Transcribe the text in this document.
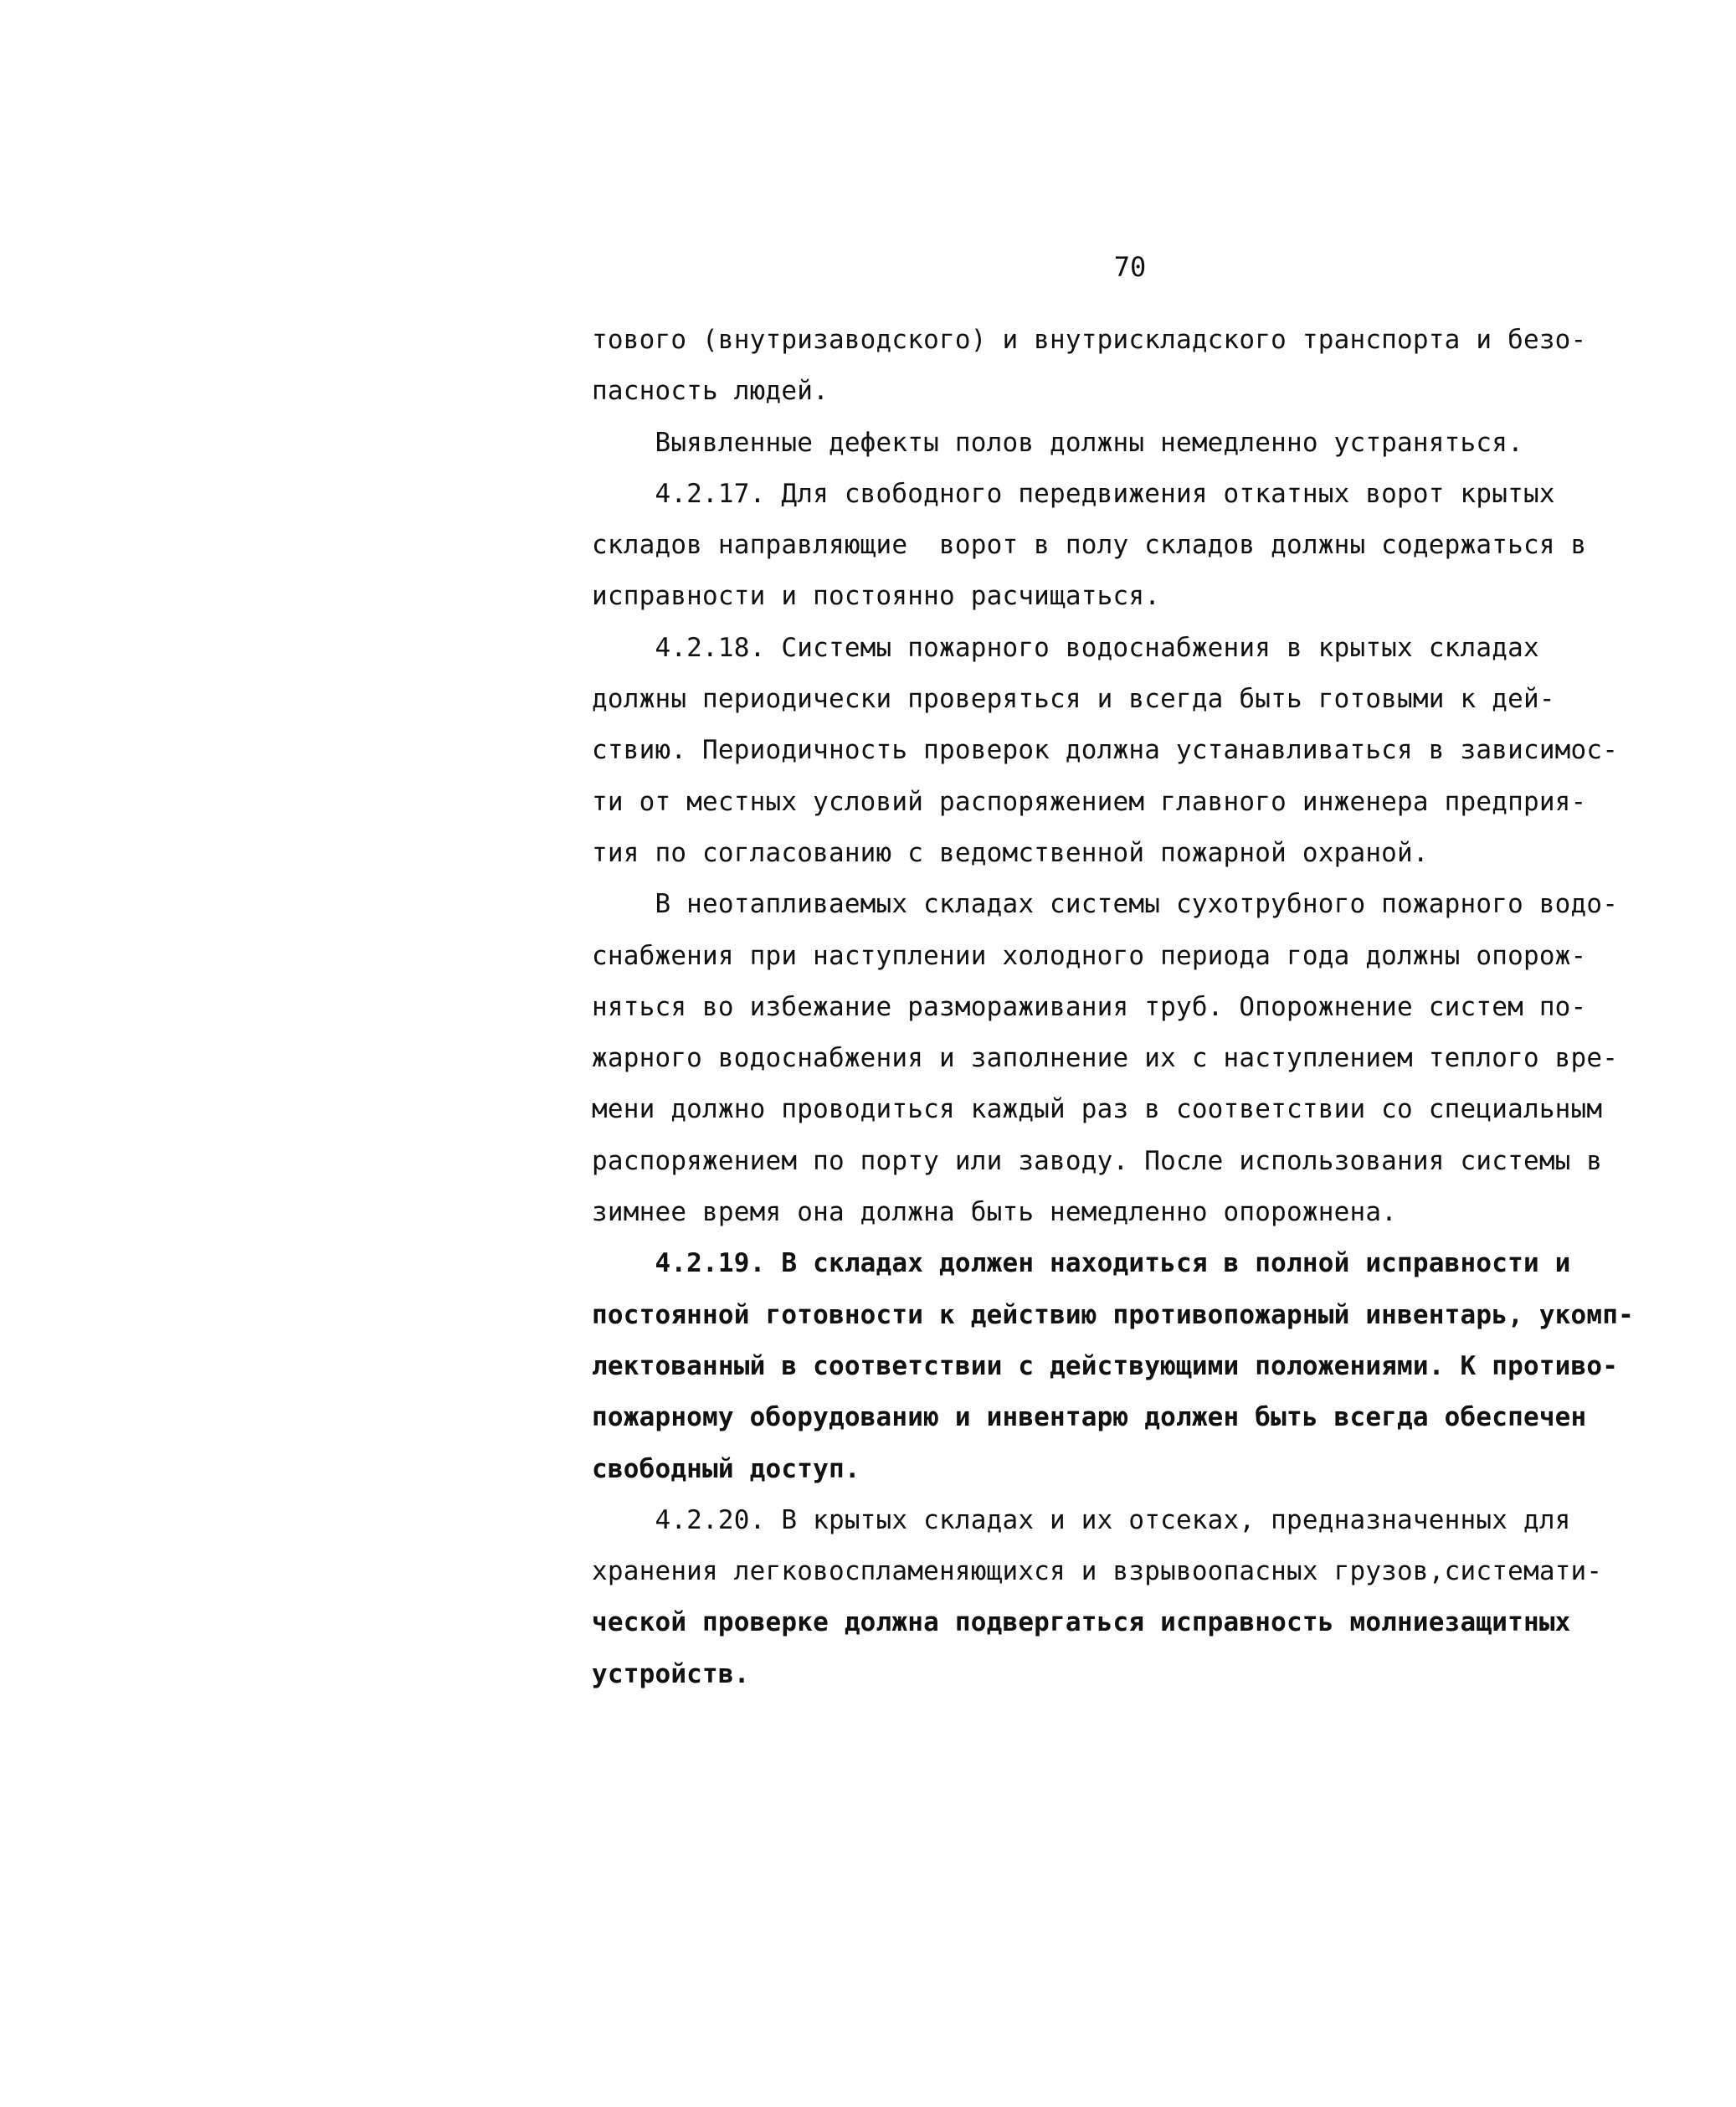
70
тового (внутризаводского) и внутрискладского транспорта и безо-
пасность людей.
Выявленные дефекты полов должны немедленно устраняться.
4.2.17. Для свободного передвижения откатных ворот крытых
складов направляющие  ворот в полу складов должны содержаться в
исправности и постоянно расчищаться.
4.2.18. Системы пожарного водоснабжения в крытых складах
должны периодически проверяться и всегда быть готовыми к дей-
ствию. Периодичность проверок должна устанавливаться в зависимос-
ти от местных условий распоряжением главного инженера предприя-
тия по согласованию с ведомственной пожарной охраной.
В неотапливаемых складах системы сухотрубного пожарного водо-
снабжения при наступлении холодного периода года должны опорож-
няться во избежание размораживания труб. Опорожнение систем по-
жарного водоснабжения и заполнение их с наступлением теплого вре-
мени должно проводиться каждый раз в соответствии со специальным
распоряжением по порту или заводу. После использования системы в
зимнее время она должна быть немедленно опорожнена.
4.2.19. В складах должен находиться в полной исправности и
постоянной готовности к действию противопожарный инвентарь, укомп-
лектованный в соответствии с действующими положениями. К противо-
пожарному оборудованию и инвентарю должен быть всегда обеспечен
свободный доступ.
4.2.20. В крытых складах и их отсеках, предназначенных для
хранения легковоспламеняющихся и взрывоопасных грузов,системати-
ческой проверке должна подвергаться исправность молниезащитных
устройств.
